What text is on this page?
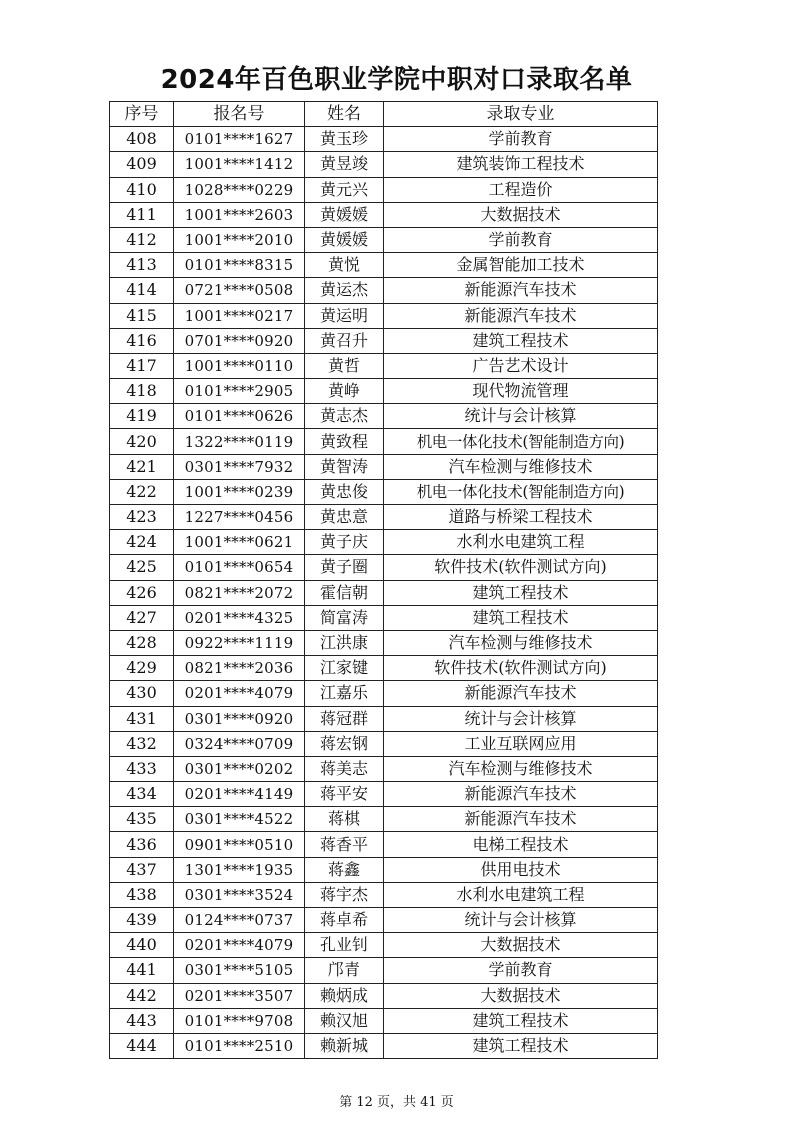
2024年百色职业学院中职对口录取名单
序号	报名号	姓名	录取专业
408	0101****1627	黄玉珍	学前教育
409	1001****1412	黄昱竣	建筑装饰工程技术
410	1028****0229	黄元兴	工程造价
411	1001****2603	黄媛媛	大数据技术
412	1001****2010	黄媛媛	学前教育
413	0101****8315	黄悦	金属智能加工技术
414	0721****0508	黄运杰	新能源汽车技术
415	1001****0217	黄运明	新能源汽车技术
416	0701****0920	黄召升	建筑工程技术
417	1001****0110	黄哲	广告艺术设计
418	0101****2905	黄峥	现代物流管理
419	0101****0626	黄志杰	统计与会计核算
420	1322****0119	黄致程	机电一体化技术(智能制造方向)
421	0301****7932	黄智涛	汽车检测与维修技术
422	1001****0239	黄忠俊	机电一体化技术(智能制造方向)
423	1227****0456	黄忠意	道路与桥梁工程技术
424	1001****0621	黄子庆	水利水电建筑工程
425	0101****0654	黄子圈	软件技术(软件测试方向)
426	0821****2072	霍信朝	建筑工程技术
427	0201****4325	简富涛	建筑工程技术
428	0922****1119	江洪康	汽车检测与维修技术
429	0821****2036	江家键	软件技术(软件测试方向)
430	0201****4079	江嘉乐	新能源汽车技术
431	0301****0920	蒋冠群	统计与会计核算
432	0324****0709	蒋宏钢	工业互联网应用
433	0301****0202	蒋美志	汽车检测与维修技术
434	0201****4149	蒋平安	新能源汽车技术
435	0301****4522	蒋棋	新能源汽车技术
436	0901****0510	蒋香平	电梯工程技术
437	1301****1935	蒋鑫	供用电技术
438	0301****3524	蒋宇杰	水利水电建筑工程
439	0124****0737	蒋卓希	统计与会计核算
440	0201****4079	孔业钊	大数据技术
441	0301****5105	邝青	学前教育
442	0201****3507	赖炳成	大数据技术
443	0101****9708	赖汉旭	建筑工程技术
444	0101****2510	赖新城	建筑工程技术
第 12 页，共 41 页
